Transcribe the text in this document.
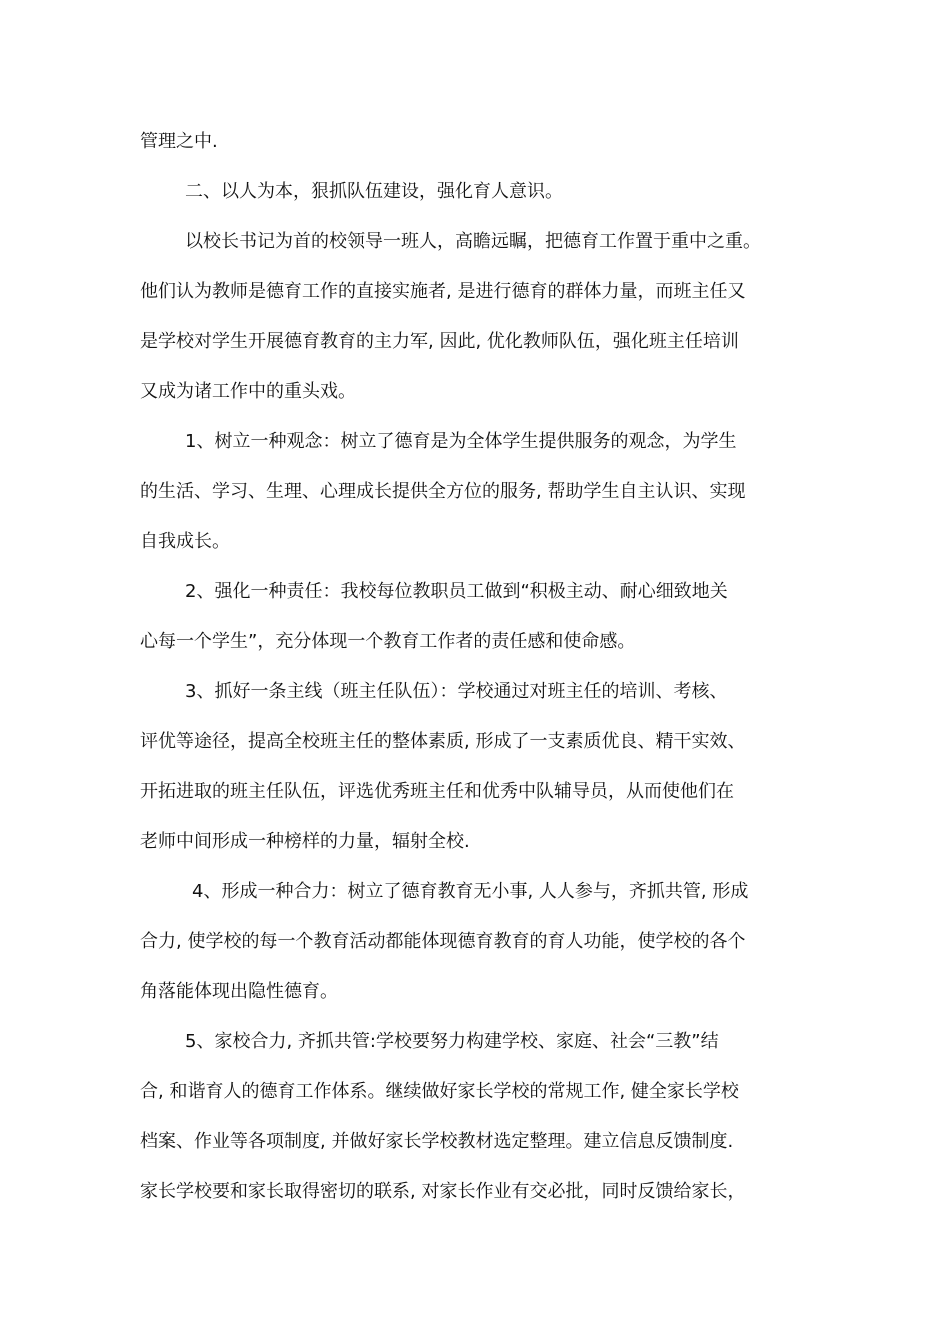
管理之中.
二、以人为本，狠抓队伍建设，强化育人意识。
以校长书记为首的校领导一班人，高瞻远瞩，把德育工作置于重中之重。
他们认为教师是德育工作的直接实施者, 是进行德育的群体力量，而班主任又
是学校对学生开展德育教育的主力军, 因此, 优化教师队伍，强化班主任培训
又成为诸工作中的重头戏。
1、树立一种观念：树立了德育是为全体学生提供服务的观念，为学生
的生活、学习、生理、心理成长提供全方位的服务, 帮助学生自主认识、实现
自我成长。
2、强化一种责任：我校每位教职员工做到“积极主动、耐心细致地关
心每一个学生”，充分体现一个教育工作者的责任感和使命感。
3、抓好一条主线（班主任队伍）：学校通过对班主任的培训、考核、
评优等途径，提高全校班主任的整体素质, 形成了一支素质优良、精干实效、
开拓进取的班主任队伍，评选优秀班主任和优秀中队辅导员，从而使他们在
老师中间形成一种榜样的力量，辐射全校.
4、形成一种合力：树立了德育教育无小事, 人人参与，齐抓共管, 形成
合力, 使学校的每一个教育活动都能体现德育教育的育人功能，使学校的各个
角落能体现出隐性德育。
5、家校合力, 齐抓共管:学校要努力构建学校、家庭、社会“三教”结
合, 和谐育人的德育工作体系。继续做好家长学校的常规工作, 健全家长学校
档案、作业等各项制度, 并做好家长学校教材选定整理。建立信息反馈制度.
家长学校要和家长取得密切的联系, 对家长作业有交必批，同时反馈给家长，
